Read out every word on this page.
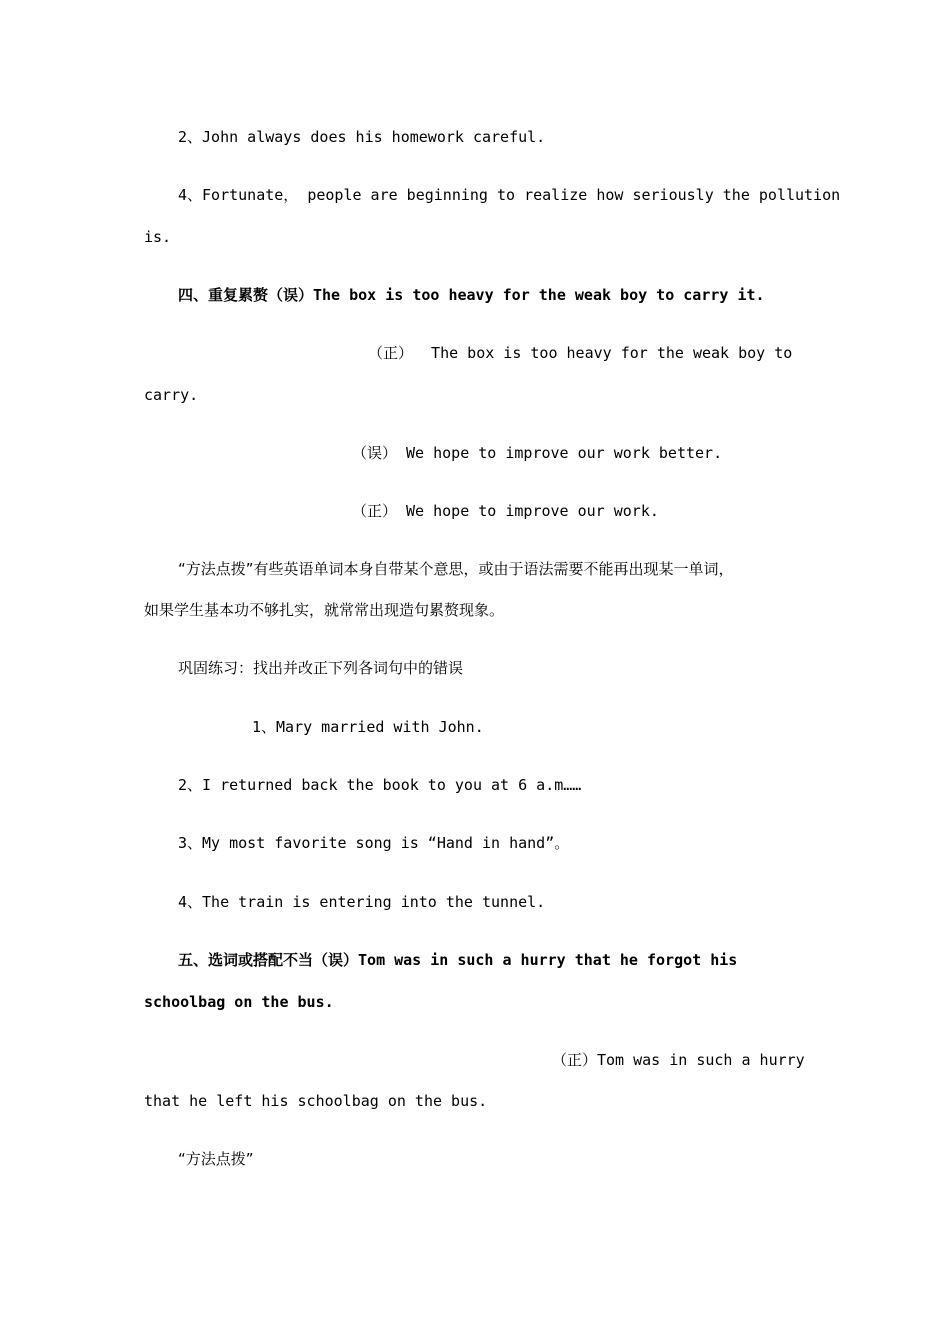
2、John always does his homework careful.
4、Fortunate， people are beginning to realize how seriously the pollution
is.
四、重复累赘（误）The box is too heavy for the weak boy to carry it.
（正）  The box is too heavy for the weak boy to
carry.
（误） We hope to improve our work better.
（正） We hope to improve our work.
“方法点拨”有些英语单词本身自带某个意思，或由于语法需要不能再出现某一单词，
如果学生基本功不够扎实，就常常出现造句累赘现象。
巩固练习：找出并改正下列各词句中的错误
1、Mary married with John.
2、I returned back the book to you at 6 a.m……
3、My most favorite song is “Hand in hand”。
4、The train is entering into the tunnel.
五、选词或搭配不当（误）Tom was in such a hurry that he forgot his
schoolbag on the bus.
（正）Tom was in such a hurry
that he left his schoolbag on the bus.
“方法点拨”
